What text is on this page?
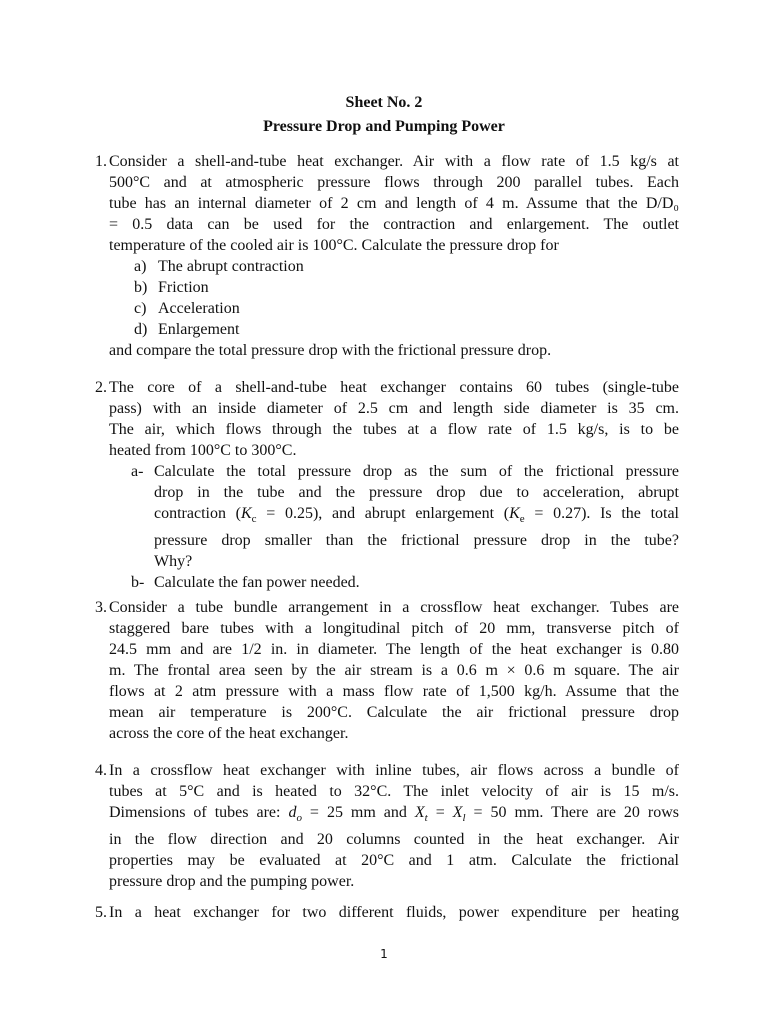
Sheet No. 2
Pressure Drop and Pumping Power
1. Consider a shell-and-tube heat exchanger. Air with a flow rate of 1.5 kg/s at
500°C and at atmospheric pressure flows through 200 parallel tubes. Each
tube has an internal diameter of 2 cm and length of 4 m. Assume that the D/D₀
= 0.5 data can be used for the contraction and enlargement. The outlet
temperature of the cooled air is 100°C. Calculate the pressure drop for
a) The abrupt contraction
b) Friction
c) Acceleration
d) Enlargement
and compare the total pressure drop with the frictional pressure drop.
2. The core of a shell-and-tube heat exchanger contains 60 tubes (single-tube
pass) with an inside diameter of 2.5 cm and length side diameter is 35 cm.
The air, which flows through the tubes at a flow rate of 1.5 kg/s, is to be
heated from 100°C to 300°C.
a- Calculate the total pressure drop as the sum of the frictional pressure
drop in the tube and the pressure drop due to acceleration, abrupt
contraction $(K_c = 0.25)$, and abrupt enlargement $(K_e = 0.27)$. Is the total
pressure drop smaller than the frictional pressure drop in the tube?
Why?
b- Calculate the fan power needed.
3. Consider a tube bundle arrangement in a crossflow heat exchanger. Tubes are
staggered bare tubes with a longitudinal pitch of 20 mm, transverse pitch of
24.5 mm and are 1/2 in. in diameter. The length of the heat exchanger is 0.80
m. The frontal area seen by the air stream is a 0.6 m × 0.6 m square. The air
flows at 2 atm pressure with a mass flow rate of 1,500 kg/h. Assume that the
mean air temperature is 200°C. Calculate the air frictional pressure drop
across the core of the heat exchanger.
4. In a crossflow heat exchanger with inline tubes, air flows across a bundle of
tubes at 5°C and is heated to 32°C. The inlet velocity of air is 15 m/s.
Dimensions of tubes are: $d_o = 25$ mm and $X_t = X_l = 50$ mm. There are 20 rows
in the flow direction and 20 columns counted in the heat exchanger. Air
properties may be evaluated at 20°C and 1 atm. Calculate the frictional
pressure drop and the pumping power.
5. In a heat exchanger for two different fluids, power expenditure per heating
1
